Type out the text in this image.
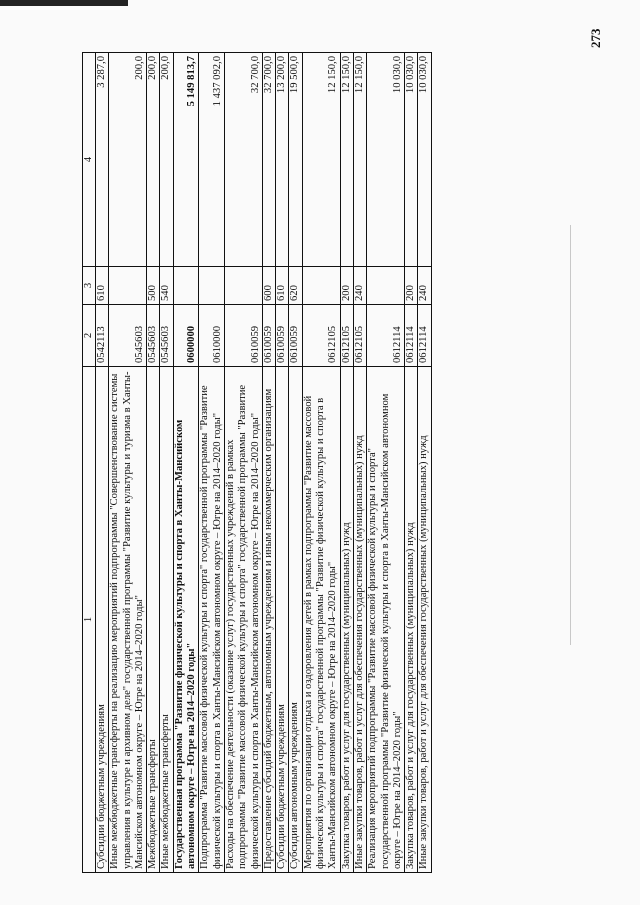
273
1	2	3	4
Субсидии бюджетным учреждениям	0542113	610	3 287,0
Иные межбюджетные трансферты на реализацию мероприятий подпрограммы "Совершенствование системы управления в культуре и архивном деле" государственной программы "Развитие культуры и туризма в Ханты-Мансийском автономном округе – Югре на 2014–2020 годы"	0545603		200,0
Межбюджетные трансферты	0545603	500	200,0
Иные межбюджетные трансферты	0545603	540	200,0
Государственная программа "Развитие физической культуры и спорта в Ханты-Мансийском автономном округе – Югре на 2014–2020 годы"	0600000		5 149 813,7
Подпрограмма "Развитие массовой физической культуры и спорта" государственной программы "Развитие физической культуры и спорта в Ханты-Мансийском автономном округе – Югре на 2014–2020 годы"	0610000		1 437 092,0
Расходы на обеспечение деятельности (оказание услуг) государственных учреждений в рамках подпрограммы "Развитие массовой физической культуры и спорта" государственной программы "Развитие физической культуры и спорта в Ханты-Мансийском автономном округе – Югре на 2014–2020 годы"	0610059		32 700,0
Предоставление субсидий бюджетным, автономным учреждениям и иным некоммерческим организациям	0610059	600	32 700,0
Субсидии бюджетным учреждениям	0610059	610	13 200,0
Субсидии автономным учреждениям	0610059	620	19 500,0
Мероприятия по организации отдыха и оздоровления детей в рамках подпрограммы "Развитие массовой физической культуры и спорта" государственной программы "Развитие физической культуры и спорта в Ханты-Мансийском автономном округе – Югре на 2014–2020 годы"	0612105		12 150,0
Закупка товаров, работ и услуг для государственных (муниципальных) нужд	0612105	200	12 150,0
Иные закупки товаров, работ и услуг для обеспечения государственных (муниципальных) нужд	0612105	240	12 150,0
Реализация мероприятий подпрограммы "Развитие массовой физической культуры и спорта" государственной программы "Развитие физической культуры и спорта в Ханты-Мансийском автономном округе – Югре на 2014–2020 годы"	0612114		10 030,0
Закупка товаров, работ и услуг для государственных (муниципальных) нужд	0612114	200	10 030,0
Иные закупки товаров, работ и услуг для обеспечения государственных (муниципальных) нужд	0612114	240	10 030,0
